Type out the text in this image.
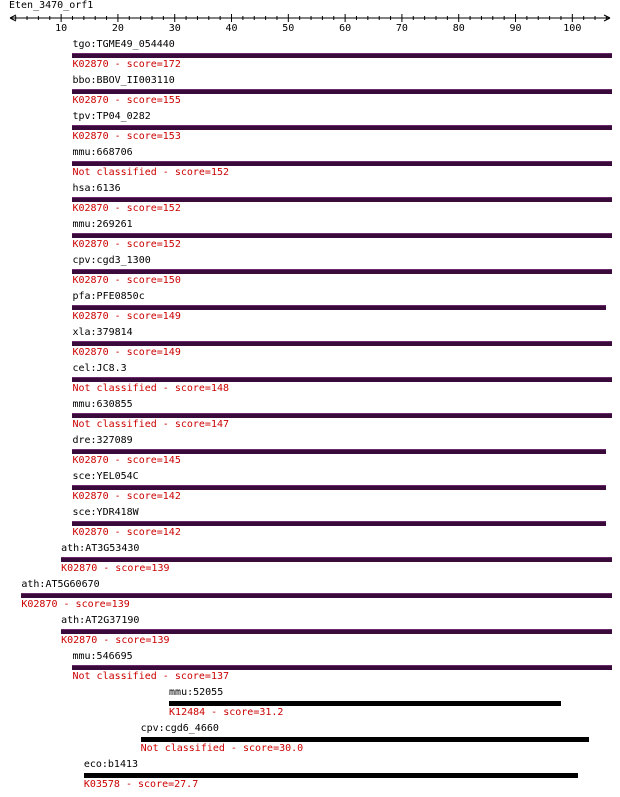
Eten_3470_orf1
10	20	30	40	50	60	70	80	90	100
tgo:TGME49_054440
K02870 - score=172
bbo:BBOV_II003110
K02870 - score=155
tpv:TP04_0282
K02870 - score=153
mmu:668706
Not classified - score=152
hsa:6136
K02870 - score=152
mmu:269261
K02870 - score=152
cpv:cgd3_1300
K02870 - score=150
pfa:PFE0850c
K02870 - score=149
xla:379814
K02870 - score=149
cel:JC8.3
Not classified - score=148
mmu:630855
Not classified - score=147
dre:327089
K02870 - score=145
sce:YEL054C
K02870 - score=142
sce:YDR418W
K02870 - score=142
ath:AT3G53430
K02870 - score=139
ath:AT5G60670
K02870 - score=139
ath:AT2G37190
K02870 - score=139
mmu:546695
Not classified - score=137
mmu:52055
K12484 - score=31.2
cpv:cgd6_4660
Not classified - score=30.0
eco:b1413
K03578 - score=27.7
